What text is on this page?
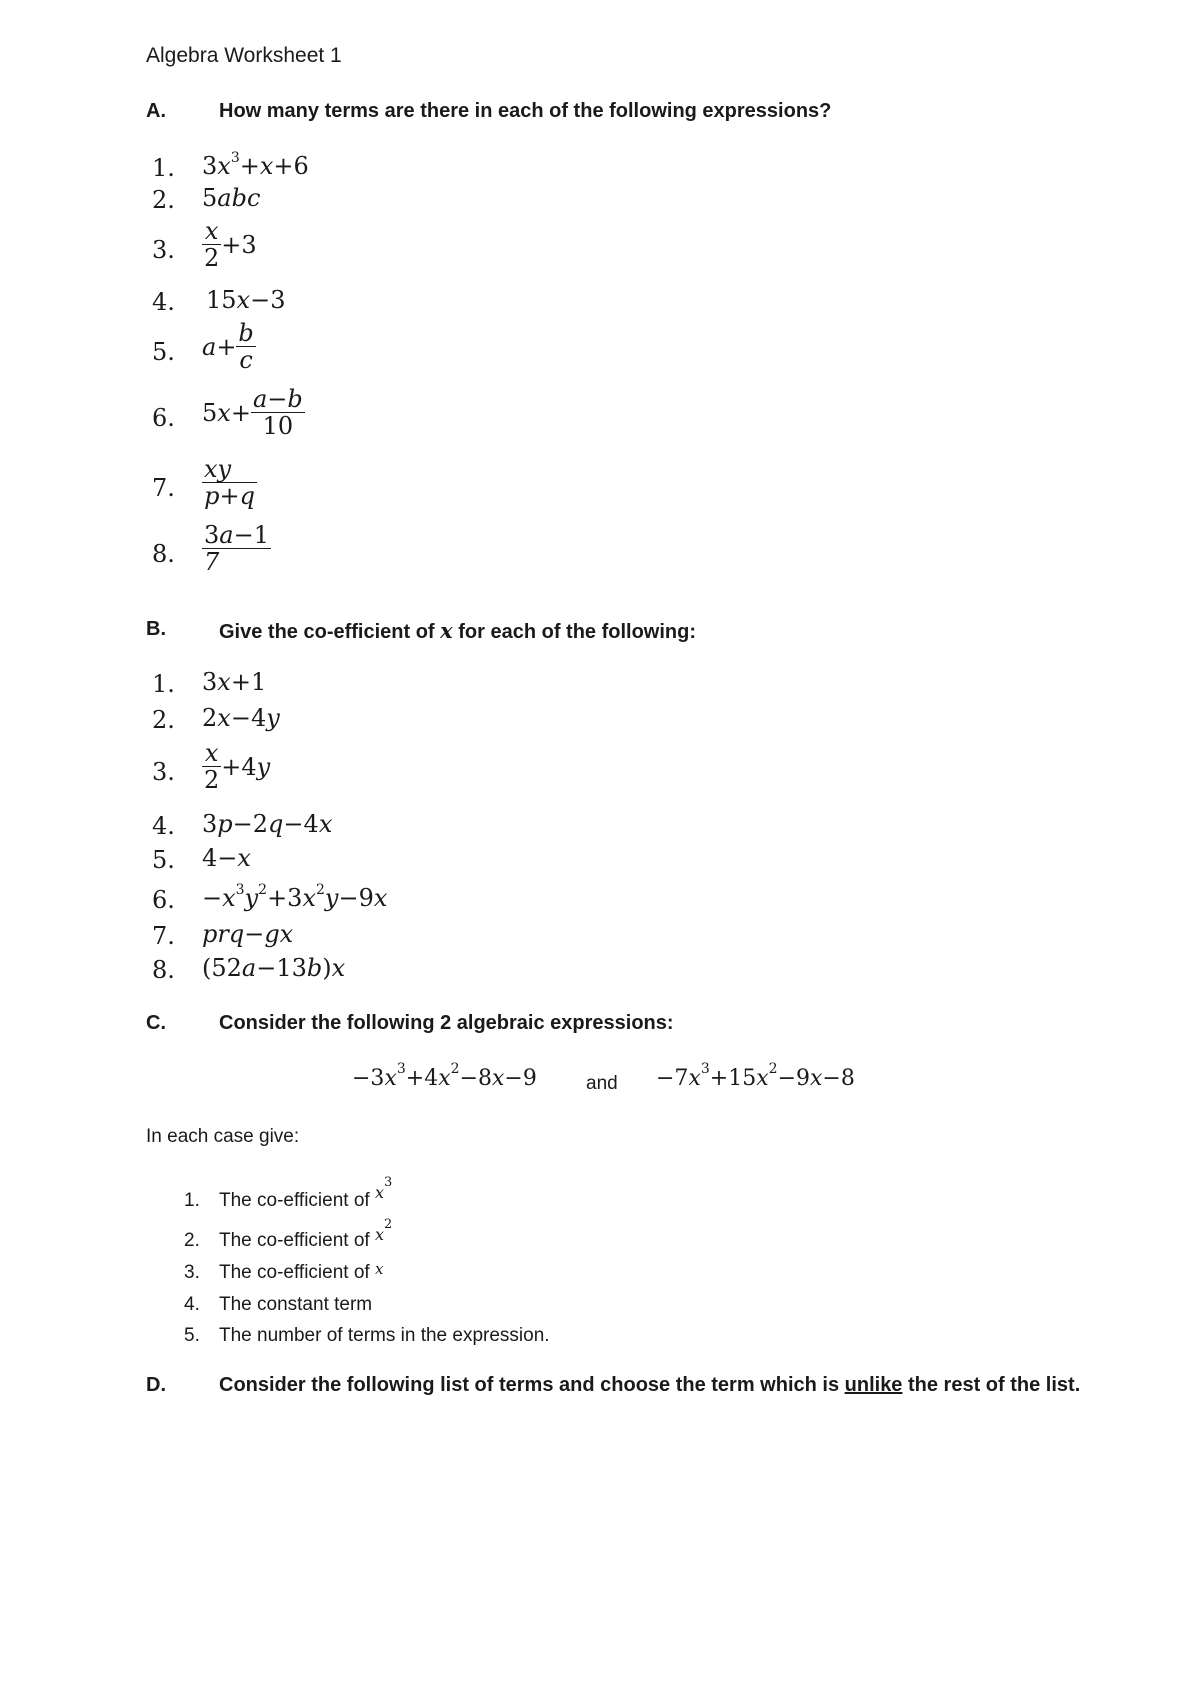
Algebra Worksheet 1
A.	How many terms are there in each of the following expressions?
1. $3x^3+x+6$
2. 5abc
3. $\frac{x}{2} +3$
4. 15x−3
5. $a+ \frac{b}{c}$
6. $5x+ \frac{a-b}{10}$
7. $\frac{xy}{p+q}$
8. $\frac{3a-1}{7}$
B.	Give the co-efficient of x for each of the following:
1. 3x+1
2. 2x−4y
3. $\frac{x}{2} +4y$
4. 3p−2q−4x
5. 4−x
6. $-x^3y^2+3x^2y-9x$
7. prq−gx
8. (52a−13b)x
C.	Consider the following 2 algebraic expressions:
$-3x^3+4x^2-8x-9$	and $-7x^3+15x^2-9x-8$
In each case give:
1. The co-efficient of $^{x^3}$
2. The co-efficient of $^{x^2}$
3. The co-efficient of $^x$
4. The constant term
5. The number of terms in the expression.
D.	Consider the following list of terms and choose the term which is unlike the rest of the list.
